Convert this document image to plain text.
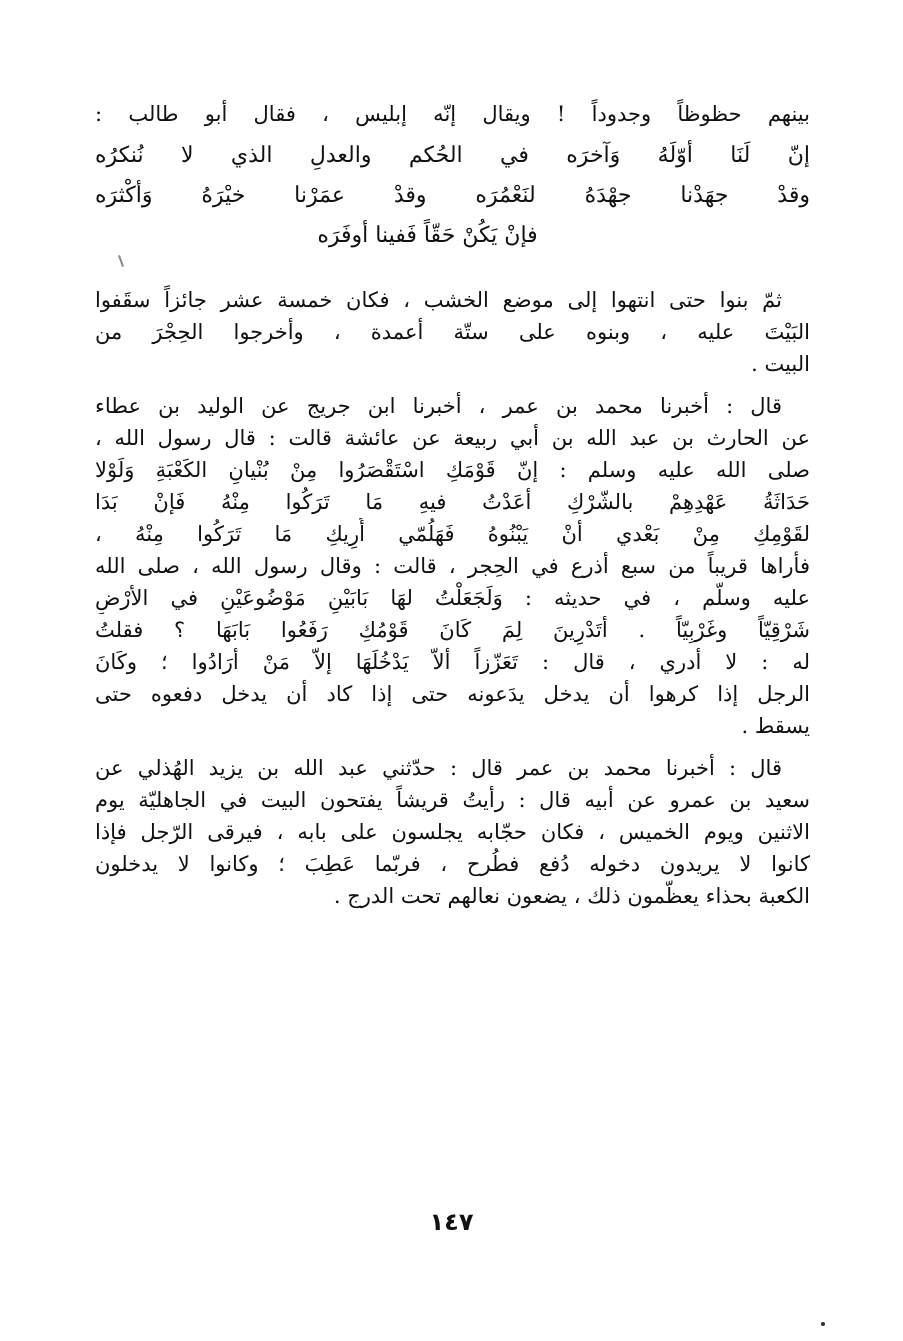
بينهم حظوظاً وجدوداً ! ويقال إنّه إبليس ، فقال أبو طالب :
إنّ لَنَا أوّلَهُ وَآخرَه في الحُكم والعدلِ الذي لا نُنكرُه
وقدْ جهَدْنا جهْدَهُ لنَعْمُرَه وقدْ عمَرْنا خيْرَهُ وَأكْثرَه
فإنْ يَكُنْ حَقّاً فَفينا أوفَرَه
ثمّ بنوا حتى انتهوا إلى موضع الخشب ، فكان خمسة عشر جائزاً سقَفوا
البَيْتَ عليه ، وبنوه على ستّة أعمدة ، وأخرجوا الحِجْرَ من
البيت .
قال : أخبرنا محمد بن عمر ، أخبرنا ابن جريج عن الوليد بن عطاء
عن الحارث بن عبد الله بن أبي ربيعة عن عائشة قالت : قال رسول الله ،
صلى الله عليه وسلم : إنّ قَوْمَكِ اسْتَقْصَرُوا مِنْ بُنْيانِ الكَعْبَةِ وَلَوْلا
حَدَاثَةُ عَهْدِهِمْ بالشّرْكِ أعَدْتُ فيهِ مَا تَرَكُوا مِنْهُ فَإنْ بَدَا
لقَوْمِكِ مِنْ بَعْدي أنْ يَبْنُوهُ فَهَلُمّي أُرِيكِ مَا تَرَكُوا مِنْهُ ،
فأراها قريباً من سبع أذرع في الحِجر ، قالت : وقال رسول الله ، صلى الله
عليه وسلّم ، في حديثه : وَلَجَعَلْتُ لهَا بَابَيْنِ مَوْضُوعَيْنِ في الأرْضِ
شَرْقِيّاً وغَرْبِيّاً . أتَدْرِينَ لِمَ كَانَ قَوْمُكِ رَفَعُوا بَابَهَا ؟ فقلتُ
له : لا أدري ، قال : تَعَزّزاً ألاّ يَدْخُلَهَا إلاّ مَنْ أرَادُوا ؛ وكَانَ
الرجل إذا كرهوا أن يدخل يدَعونه حتى إذا كاد أن يدخل دفعوه حتى
يسقط .
قال : أخبرنا محمد بن عمر قال : حدّثني عبد الله بن يزيد الهُذلي عن
سعيد بن عمرو عن أبيه قال : رأيتُ قريشاً يفتحون البيت في الجاهليّة يوم
الاثنين ويوم الخميس ، فكان حجّابه يجلسون على بابه ، فيرقى الرّجل فإذا
كانوا لا يريدون دخوله دُفع فطُرح ، فربّما عَطِبَ ؛ وكانوا لا يدخلون
الكعبة بحذاء يعظّمون ذلك ، يضعون نعالهم تحت الدرج .
١٤٧
